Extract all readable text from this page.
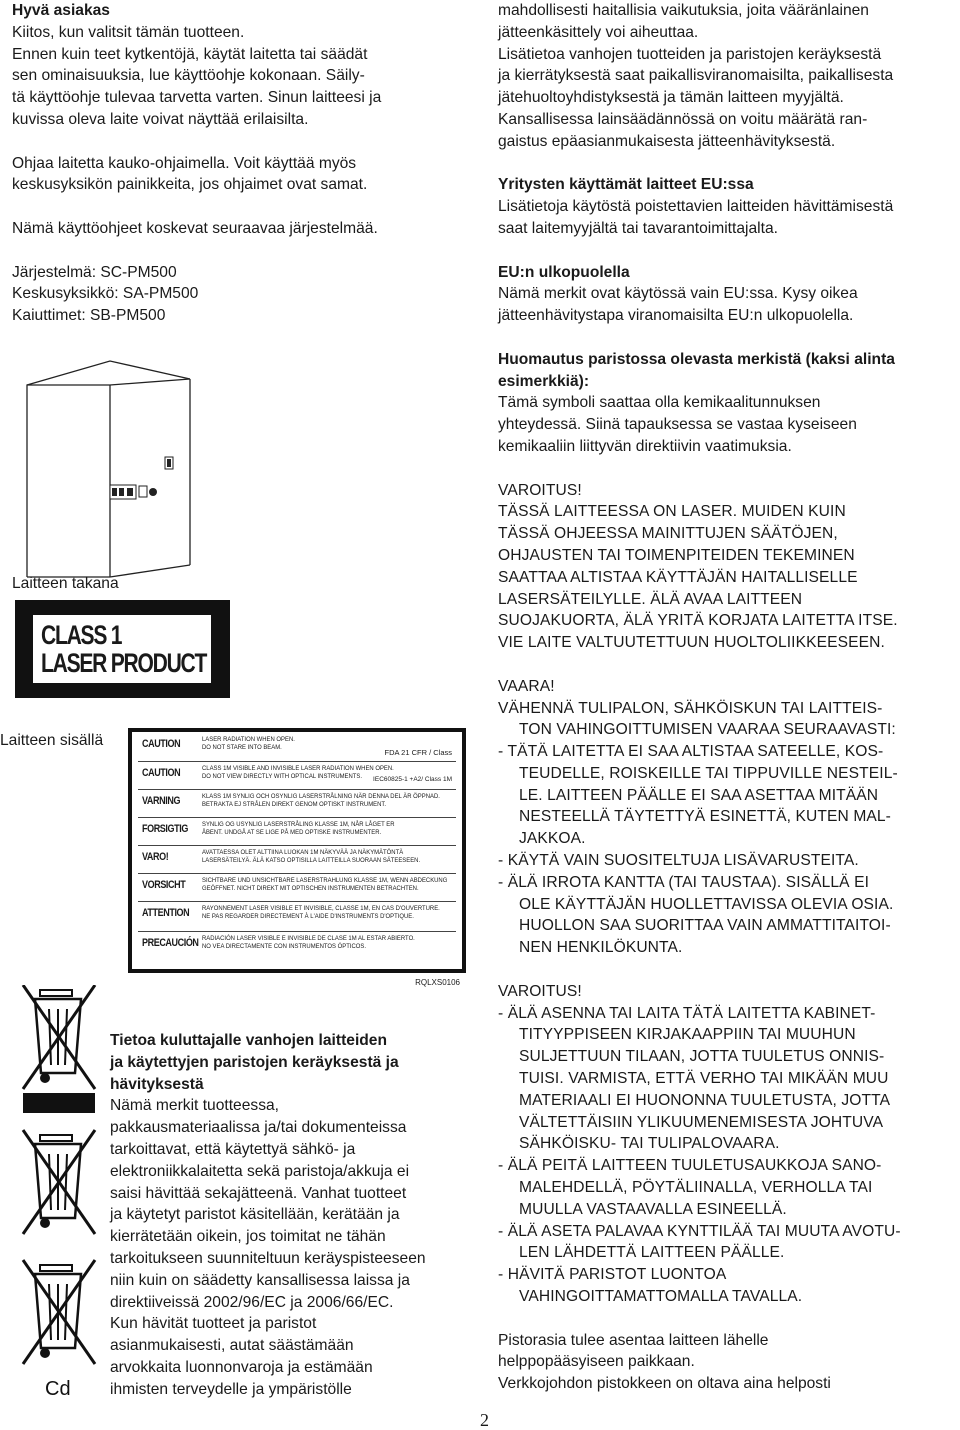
Hyvä asiakas
Kiitos, kun valitsit tämän tuotteen.
Ennen kuin teet kytkentöjä, käytät laitetta tai säädät
sen ominaisuuksia, lue käyttöohje kokonaan. Säily-
tä käyttöohje tulevaa tarvetta varten. Sinun laitteesi ja
kuvissa oleva laite voivat näyttää erilaisilta.
Ohjaa laitetta kauko-ohjaimella. Voit käyttää myös
keskusyksikön painikkeita, jos ohjaimet ovat samat.
Nämä käyttöohjeet koskevat seuraavaa järjestelmää.
Järjestelmä: SC-PM500
Keskusyksikkö: SA-PM500
Kaiuttimet: SB-PM500
Laitteen takana
CLASS 1
LASER PRODUCT
Laitteen sisällä
FDA 21 CFR / Class
IEC60825-1 +A2/ Class 1M
CAUTION	LASER RADIATION WHEN OPEN.
DO NOT STARE INTO BEAM.
CAUTION	CLASS 1M VISIBLE AND INVISIBLE LASER RADIATION WHEN OPEN.
DO NOT VIEW DIRECTLY WITH OPTICAL INSTRUMENTS.
VARNING	KLASS 1M SYNLIG OCH OSYNLIG LASERSTRÅLNING NÄR DENNA DEL ÄR ÖPPNAD.
BETRAKTA EJ STRÅLEN DIREKT GENOM OPTISKT INSTRUMENT.
FORSIGTIG SYNLIG OG USYNLIG LASERSTRÅLING KLASSE 1M, NÅR LÅGET ER
ÅBENT. UNDGÅ AT SE LIGE PÅ MED OPTISKE INSTRUMENTER.
VARO!	AVATTAESSA OLET ALTTIINA LUOKAN 1M NÄKYVÄÄ JA NÄKYMÄTÖNTÄ
LASERSÄTEILYÄ. ÄLÄ KATSO OPTISILLA LAITTEILLA SUORAAN SÄTEESEEN.
VORSICHT	SICHTBARE UND UNSICHTBARE LASERSTRAHLUNG KLASSE 1M, WENN ABDECKUNG
GEÖFFNET. NICHT DIREKT MIT OPTISCHEN INSTRUMENTEN BETRACHTEN.
ATTENTION RAYONNEMENT LASER VISIBLE ET INVISIBLE, CLASSE 1M, EN CAS D'OUVERTURE.
NE PAS REGARDER DIRECTEMENT À L'AIDE D'INSTRUMENTS D'OPTIQUE.
PRECAUCIÓN RADIACIÓN LASER VISIBLE E INVISIBLE DE CLASE 1M AL ESTAR ABIERTO.
NO VEA DIRECTAMENTE CON INSTRUMENTOS ÓPTICOS.
RQLXS0106
Cd
Tietoa kuluttajalle vanhojen laitteiden
ja käytettyjen paristojen keräyksestä ja
hävityksestä
Nämä merkit tuotteessa,
pakkausmateriaalissa ja/tai dokumenteissa
tarkoittavat, että käytettyä sähkö- ja
elektroniikkalaitetta sekä paristoja/akkuja ei
saisi hävittää sekajätteenä. Vanhat tuotteet
ja käytetyt paristot käsitellään, kerätään ja
kierrätetään oikein, jos toimitat ne tähän
tarkoitukseen suunniteltuun keräyspisteeseen
niin kuin on säädetty kansallisessa laissa ja
direktiiveissä 2002/96/EC ja 2006/66/EC.
Kun hävität tuotteet ja paristot
asianmukaisesti, autat säästämään
arvokkaita luonnonvaroja ja estämään
ihmisten terveydelle ja ympäristölle
mahdollisesti haitallisia vaikutuksia, joita vääränlainen
jätteenkäsittely voi aiheuttaa.
Lisätietoa vanhojen tuotteiden ja paristojen keräyksestä
ja kierrätyksestä saat paikallisviranomaisilta, paikallisesta
jätehuoltoyhdistyksestä ja tämän laitteen myyjältä.
Kansallisessa lainsäädännössä on voitu määrätä ran-
gaistus epäasianmukaisesta jätteenhävityksestä.
Yritysten käyttämät laitteet EU:ssa
Lisätietoja käytöstä poistettavien laitteiden hävittämisestä
saat laitemyyjältä tai tavarantoimittajalta.
EU:n ulkopuolella
Nämä merkit ovat käytössä vain EU:ssa. Kysy oikea
jätteenhävitystapa viranomaisilta EU:n ulkopuolella.
Huomautus paristossa olevasta merkistä (kaksi alinta
esimerkkiä):
Tämä symboli saattaa olla kemikaalitunnuksen
yhteydessä. Siinä tapauksessa se vastaa kyseiseen
kemikaaliin liittyvän direktiivin vaatimuksia.
VAROITUS!
TÄSSÄ LAITTEESSA ON LASER. MUIDEN KUIN
TÄSSÄ OHJEESSA MAINITTUJEN SÄÄTÖJEN,
OHJAUSTEN TAI TOIMENPITEIDEN TEKEMINEN
SAATTAA ALTISTAA KÄYTTÄJÄN HAITALLISELLE
LASERSÄTEILYLLE. ÄLÄ AVAA LAITTEEN
SUOJAKUORTA, ÄLÄ YRITÄ KORJATA LAITETTA ITSE.
VIE LAITE VALTUUTETTUUN HUOLTOLIIKKEESEEN.
VAARA!
VÄHENNÄ TULIPALON, SÄHKÖISKUN TAI LAITTEIS-
TON VAHINGOITTUMISEN VAARAA SEURAAVASTI:
- TÄTÄ LAITETTA EI SAA ALTISTAA SATEELLE, KOS-
TEUDELLE, ROISKEILLE TAI TIPPUVILLE NESTEIL-
LE. LAITTEEN PÄÄLLE EI SAA ASETTAA MITÄÄN
NESTEELLÄ TÄYTETTYÄ ESINETTÄ, KUTEN MAL-
JAKKOA.
- KÄYTÄ VAIN SUOSITELTUJA LISÄVARUSTEITA.
- ÄLÄ IRROTA KANTTA (TAI TAUSTAA). SISÄLLÄ EI
OLE KÄYTTÄJÄN HUOLLETTAVISSA OLEVIA OSIA.
HUOLLON SAA SUORITTAA VAIN AMMATTITAITOI-
NEN HENKILÖKUNTA.
VAROITUS!
- ÄLÄ ASENNA TAI LAITA TÄTÄ LAITETTA KABINET-
TITYYPPISEEN KIRJAKAAPPIIN TAI MUUHUN
SULJETTUUN TILAAN, JOTTA TUULETUS ONNIS-
TUISI. VARMISTA, ETTÄ VERHO TAI MIKÄÄN MUU
MATERIAALI EI HUONONNA TUULETUSTA, JOTTA
VÄLTETTÄISIIN YLIKUUMENEMISESTA JOHTUVA
SÄHKÖISKU- TAI TULIPALOVAARA.
- ÄLÄ PEITÄ LAITTEEN TUULETUSAUKKOJA SANO-
MALEHDELLÄ, PÖYTÄLIINALLA, VERHOLLA TAI
MUULLA VASTAAVALLA ESINEELLÄ.
- ÄLÄ ASETA PALAVAA KYNTTILÄÄ TAI MUUTA AVOTU-
LEN LÄHDETTÄ LAITTEEN PÄÄLLE.
- HÄVITÄ PARISTOT LUONTOA
VAHINGOITTAMATTOMALLA TAVALLA.
Pistorasia tulee asentaa laitteen lähelle
helppopääsyiseen paikkaan.
Verkkojohdon pistokkeen on oltava aina helposti
2
